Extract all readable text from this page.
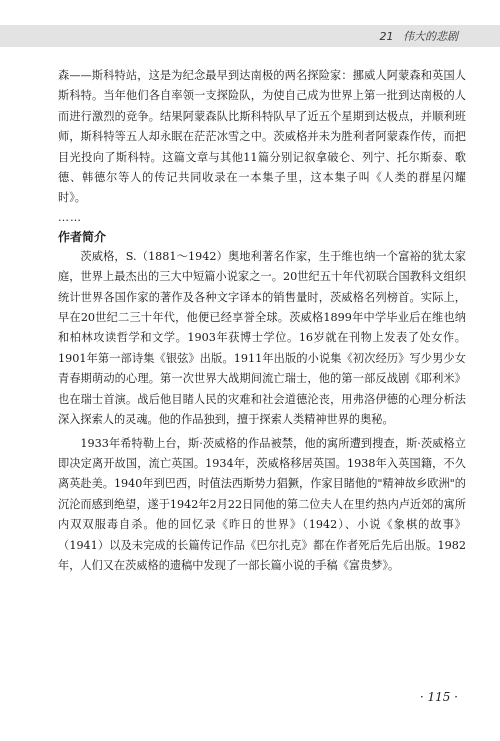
21 伟大的悲剧

森——斯科特站，这是为纪念最早到达南极的两名探险家：挪威人阿蒙森和英国人斯科特。当年他们各自率领一支探险队，为使自己成为世界上第一批到达南极的人而进行激烈的竞争。结果阿蒙森队比斯科特队早了近五个星期到达极点，并顺利班师，斯科特等五人却永眠在茫茫冰雪之中。茨威格并未为胜利者阿蒙森作传，而把目光投向了斯科特。这篇文章与其他11篇分别记叙拿破仑、列宁、托尔斯泰、歌德、韩德尔等人的传记共同收录在一本集子里，这本集子叫《人类的群星闪耀时》。

……

作者简介

茨威格，S.（1881～1942）奥地利著名作家，生于维也纳一个富裕的犹太家庭，世界上最杰出的三大中短篇小说家之一。20世纪五十年代初联合国教科文组织统计世界各国作家的著作及各种文字译本的销售量时，茨威格名列榜首。实际上，早在20世纪二三十年代，他便已经享誉全球。茨威格1899年中学毕业后在维也纳和柏林攻读哲学和文学。1903年获博士学位。16岁就在刊物上发表了处女作。1901年第一部诗集《银弦》出版。1911年出版的小说集《初次经历》写少男少女青春期萌动的心理。第一次世界大战期间流亡瑞士，他的第一部反战剧《耶利米》也在瑞士首演。战后他目睹人民的灾难和社会道德沦丧，用弗洛伊德的心理分析法深入探索人的灵魂。他的作品独到，擅于探索人类精神世界的奥秘。

1933年希特勒上台，斯·茨威格的作品被禁，他的寓所遭到搜查，斯·茨威格立即决定离开故国，流亡英国。1934年，茨威格移居英国。1938年入英国籍，不久离英赴美。1940年到巴西，时值法西斯势力猖獗，作家目睹他的"精神故乡欧洲"的沉沦而感到绝望，遂于1942年2月22日同他的第二位夫人在里约热内卢近郊的寓所内双双服毒自杀。他的回忆录《昨日的世界》（1942）、小说《象棋的故事》（1941）以及未完成的长篇传记作品《巴尔扎克》都在作者死后先后出版。1982年，人们又在茨威格的遗稿中发现了一部长篇小说的手稿《富贵梦》。

· 115 ·
